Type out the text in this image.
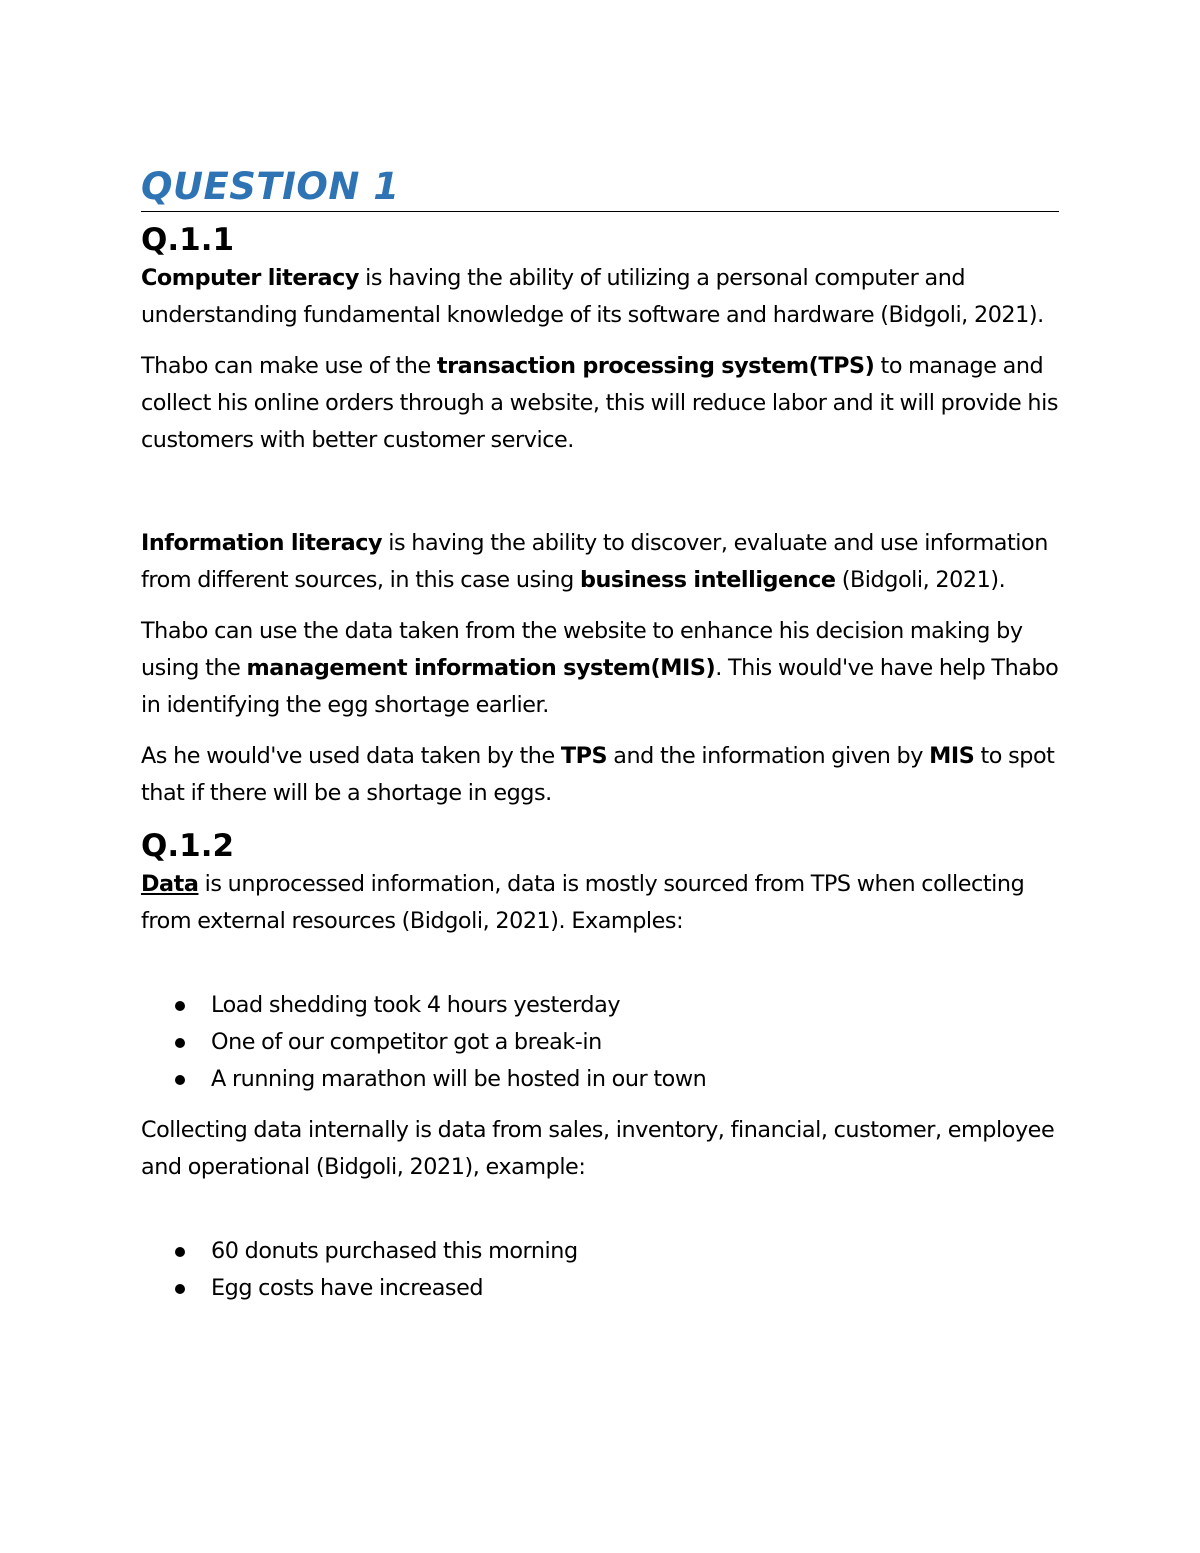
QUESTION 1
Q.1.1

Computer literacy is having the ability of utilizing a personal computer and understanding fundamental knowledge of its software and hardware (Bidgoli, 2021).

Thabo can make use of the transaction processing system(TPS) to manage and collect his online orders through a website, this will reduce labor and it will provide his customers with better customer service.

Information literacy is having the ability to discover, evaluate and use information from different sources, in this case using business intelligence (Bidgoli, 2021).

Thabo can use the data taken from the website to enhance his decision making by using the management information system(MIS). This would've have help Thabo in identifying the egg shortage earlier.

As he would've used data taken by the TPS and the information given by MIS to spot that if there will be a shortage in eggs.

Q.1.2

Data is unprocessed information, data is mostly sourced from TPS when collecting from external resources (Bidgoli, 2021). Examples:

Load shedding took 4 hours yesterday
One of our competitor got a break-in
A running marathon will be hosted in our town

Collecting data internally is data from sales, inventory, financial, customer, employee and operational (Bidgoli, 2021), example:

60 donuts purchased this morning
Egg costs have increased
